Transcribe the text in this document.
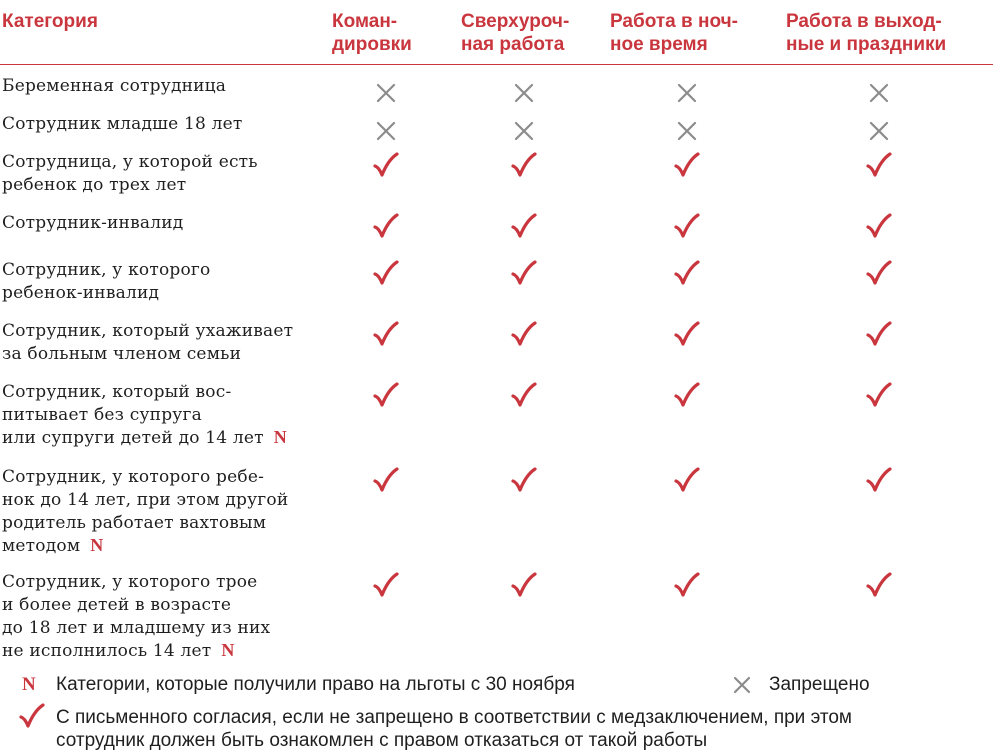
Категория	Коман-
дировки
Сверхуроч-
ная работа
Работа в ноч-
ное время
Работа в выход-
ные и праздники
Беременная сотрудница
Сотрудник младше 18 лет
Сотрудница, у которой есть
ребенок до трех лет
Сотрудник-инвалид
Сотрудник, у которого
ребенок-инвалид
Сотрудник, который ухаживает
за больным членом семьи
Сотрудник, который вос-
питывает без супруга
или супруги детей до 14 лет N
Сотрудник, у которого ребе-
нок до 14 лет, при этом другой
родитель работает вахтовым
методом N
Сотрудник, у которого трое
и более детей в возрасте
до 18 лет и младшему из них
не исполнилось 14 лет N
N Категории, которые получили право на льготы с 30 ноября	Запрещено
С письменного согласия, если не запрещено в соответствии с медзаключением, при этом
сотрудник должен быть ознакомлен с правом отказаться от такой работы
